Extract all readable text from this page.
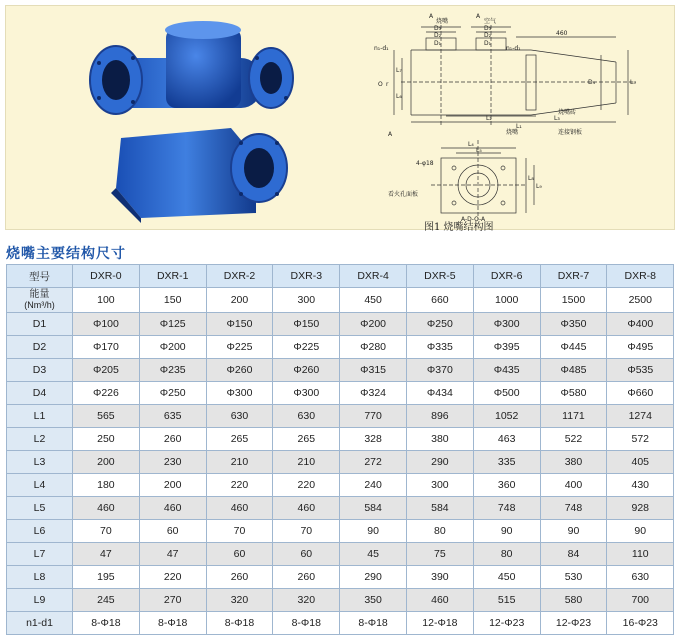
A
烧嘴	空气
A
460
n₁-d₁	n₁-d₁
D₃
D₂
D₁
D₃
D₂
D₁
O r	D₄	L₅
L₇
L₆
L₂
L₁
L₃
烧嘴砖
烧嘴	连接钢板
A
L₄
L₅
4-φ18
看火孔面板
L₈
L₉
A-D-O-A
图1 烧嘴结构图
烧嘴主要结构尺寸
型号	DXR-0	DXR-1	DXR-2	DXR-3	DXR-4	DXR-5	DXR-6	DXR-7	DXR-8

能量
(Nm³/h)	100	150	200	300	450	660	1000	1500	2500
D1	Φ100	Φ125	Φ150	Φ150	Φ200	Φ250	Φ300	Φ350	Φ400
D2	Φ170	Φ200	Φ225	Φ225	Φ280	Φ335	Φ395	Φ445	Φ495
D3	Φ205	Φ235	Φ260	Φ260	Φ315	Φ370	Φ435	Φ485	Φ535
D4	Φ226	Φ250	Φ300	Φ300	Φ324	Φ434	Φ500	Φ580	Φ660
L1	565	635	630	630	770	896	1052	1171	1274
L2	250	260	265	265	328	380	463	522	572
L3	200	230	210	210	272	290	335	380	405
L4	180	200	220	220	240	300	360	400	430
L5	460	460	460	460	584	584	748	748	928
L6	70	60	70	70	90	80	90	90	90
L7	47	47	60	60	45	75	80	84	110
L8	195	220	260	260	290	390	450	530	630
L9	245	270	320	320	350	460	515	580	700
n1-d1	8-Φ18	8-Φ18	8-Φ18	8-Φ18	8-Φ18	12-Φ18	12-Φ23	12-Φ23	16-Φ23
